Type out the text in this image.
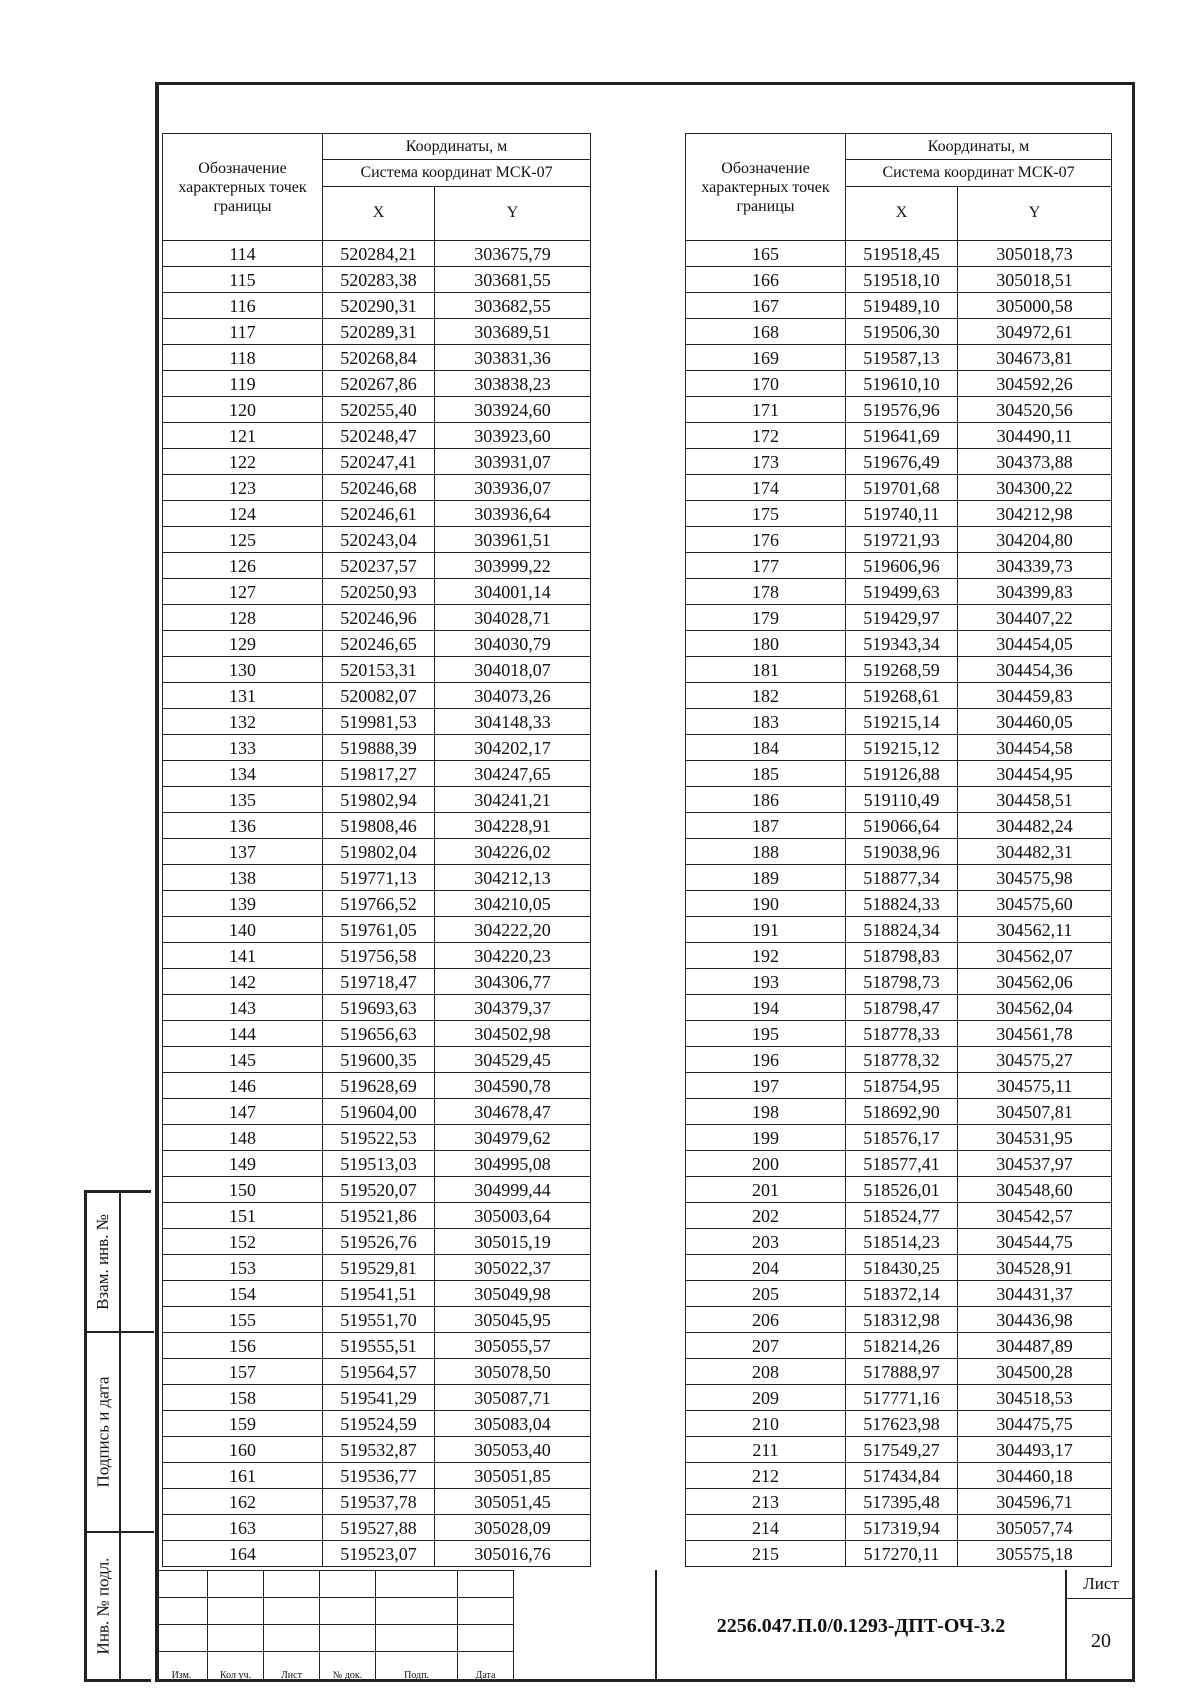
Обозначение характерных точек границы	Координаты, м	
	Система координат МСК-07	
	X	Y
114	520284,21	303675,79
115	520283,38	303681,55
116	520290,31	303682,55
117	520289,31	303689,51
118	520268,84	303831,36
119	520267,86	303838,23
120	520255,40	303924,60
121	520248,47	303923,60
122	520247,41	303931,07
123	520246,68	303936,07
124	520246,61	303936,64
125	520243,04	303961,51
126	520237,57	303999,22
127	520250,93	304001,14
128	520246,96	304028,71
129	520246,65	304030,79
130	520153,31	304018,07
131	520082,07	304073,26
132	519981,53	304148,33
133	519888,39	304202,17
134	519817,27	304247,65
135	519802,94	304241,21
136	519808,46	304228,91
137	519802,04	304226,02
138	519771,13	304212,13
139	519766,52	304210,05
140	519761,05	304222,20
141	519756,58	304220,23
142	519718,47	304306,77
143	519693,63	304379,37
144	519656,63	304502,98
145	519600,35	304529,45
146	519628,69	304590,78
147	519604,00	304678,47
148	519522,53	304979,62
149	519513,03	304995,08
150	519520,07	304999,44
151	519521,86	305003,64
152	519526,76	305015,19
153	519529,81	305022,37
154	519541,51	305049,98
155	519551,70	305045,95
156	519555,51	305055,57
157	519564,57	305078,50
158	519541,29	305087,71
159	519524,59	305083,04
160	519532,87	305053,40
161	519536,77	305051,85
162	519537,78	305051,45
163	519527,88	305028,09
164	519523,07	305016,76
Обозначение характерных точек границы	Координаты, м	
	Система координат МСК-07	
	X	Y
165	519518,45	305018,73
166	519518,10	305018,51
167	519489,10	305000,58
168	519506,30	304972,61
169	519587,13	304673,81
170	519610,10	304592,26
171	519576,96	304520,56
172	519641,69	304490,11
173	519676,49	304373,88
174	519701,68	304300,22
175	519740,11	304212,98
176	519721,93	304204,80
177	519606,96	304339,73
178	519499,63	304399,83
179	519429,97	304407,22
180	519343,34	304454,05
181	519268,59	304454,36
182	519268,61	304459,83
183	519215,14	304460,05
184	519215,12	304454,58
185	519126,88	304454,95
186	519110,49	304458,51
187	519066,64	304482,24
188	519038,96	304482,31
189	518877,34	304575,98
190	518824,33	304575,60
191	518824,34	304562,11
192	518798,83	304562,07
193	518798,73	304562,06
194	518798,47	304562,04
195	518778,33	304561,78
196	518778,32	304575,27
197	518754,95	304575,11
198	518692,90	304507,81
199	518576,17	304531,95
200	518577,41	304537,97
201	518526,01	304548,60
202	518524,77	304542,57
203	518514,23	304544,75
204	518430,25	304528,91
205	518372,14	304431,37
206	518312,98	304436,98
207	518214,26	304487,89
208	517888,97	304500,28
209	517771,16	304518,53
210	517623,98	304475,75
211	517549,27	304493,17
212	517434,84	304460,18
213	517395,48	304596,71
214	517319,94	305057,74
215	517270,11	305575,18
Взам. инв. №
Подпись и дата
Инв. № подл.

Изм.	Кол уч.	Лист	№ док.	Подп.	Дата
2256.047.П.0/0.1293-ДПТ-ОЧ-3.2
Лист
20
